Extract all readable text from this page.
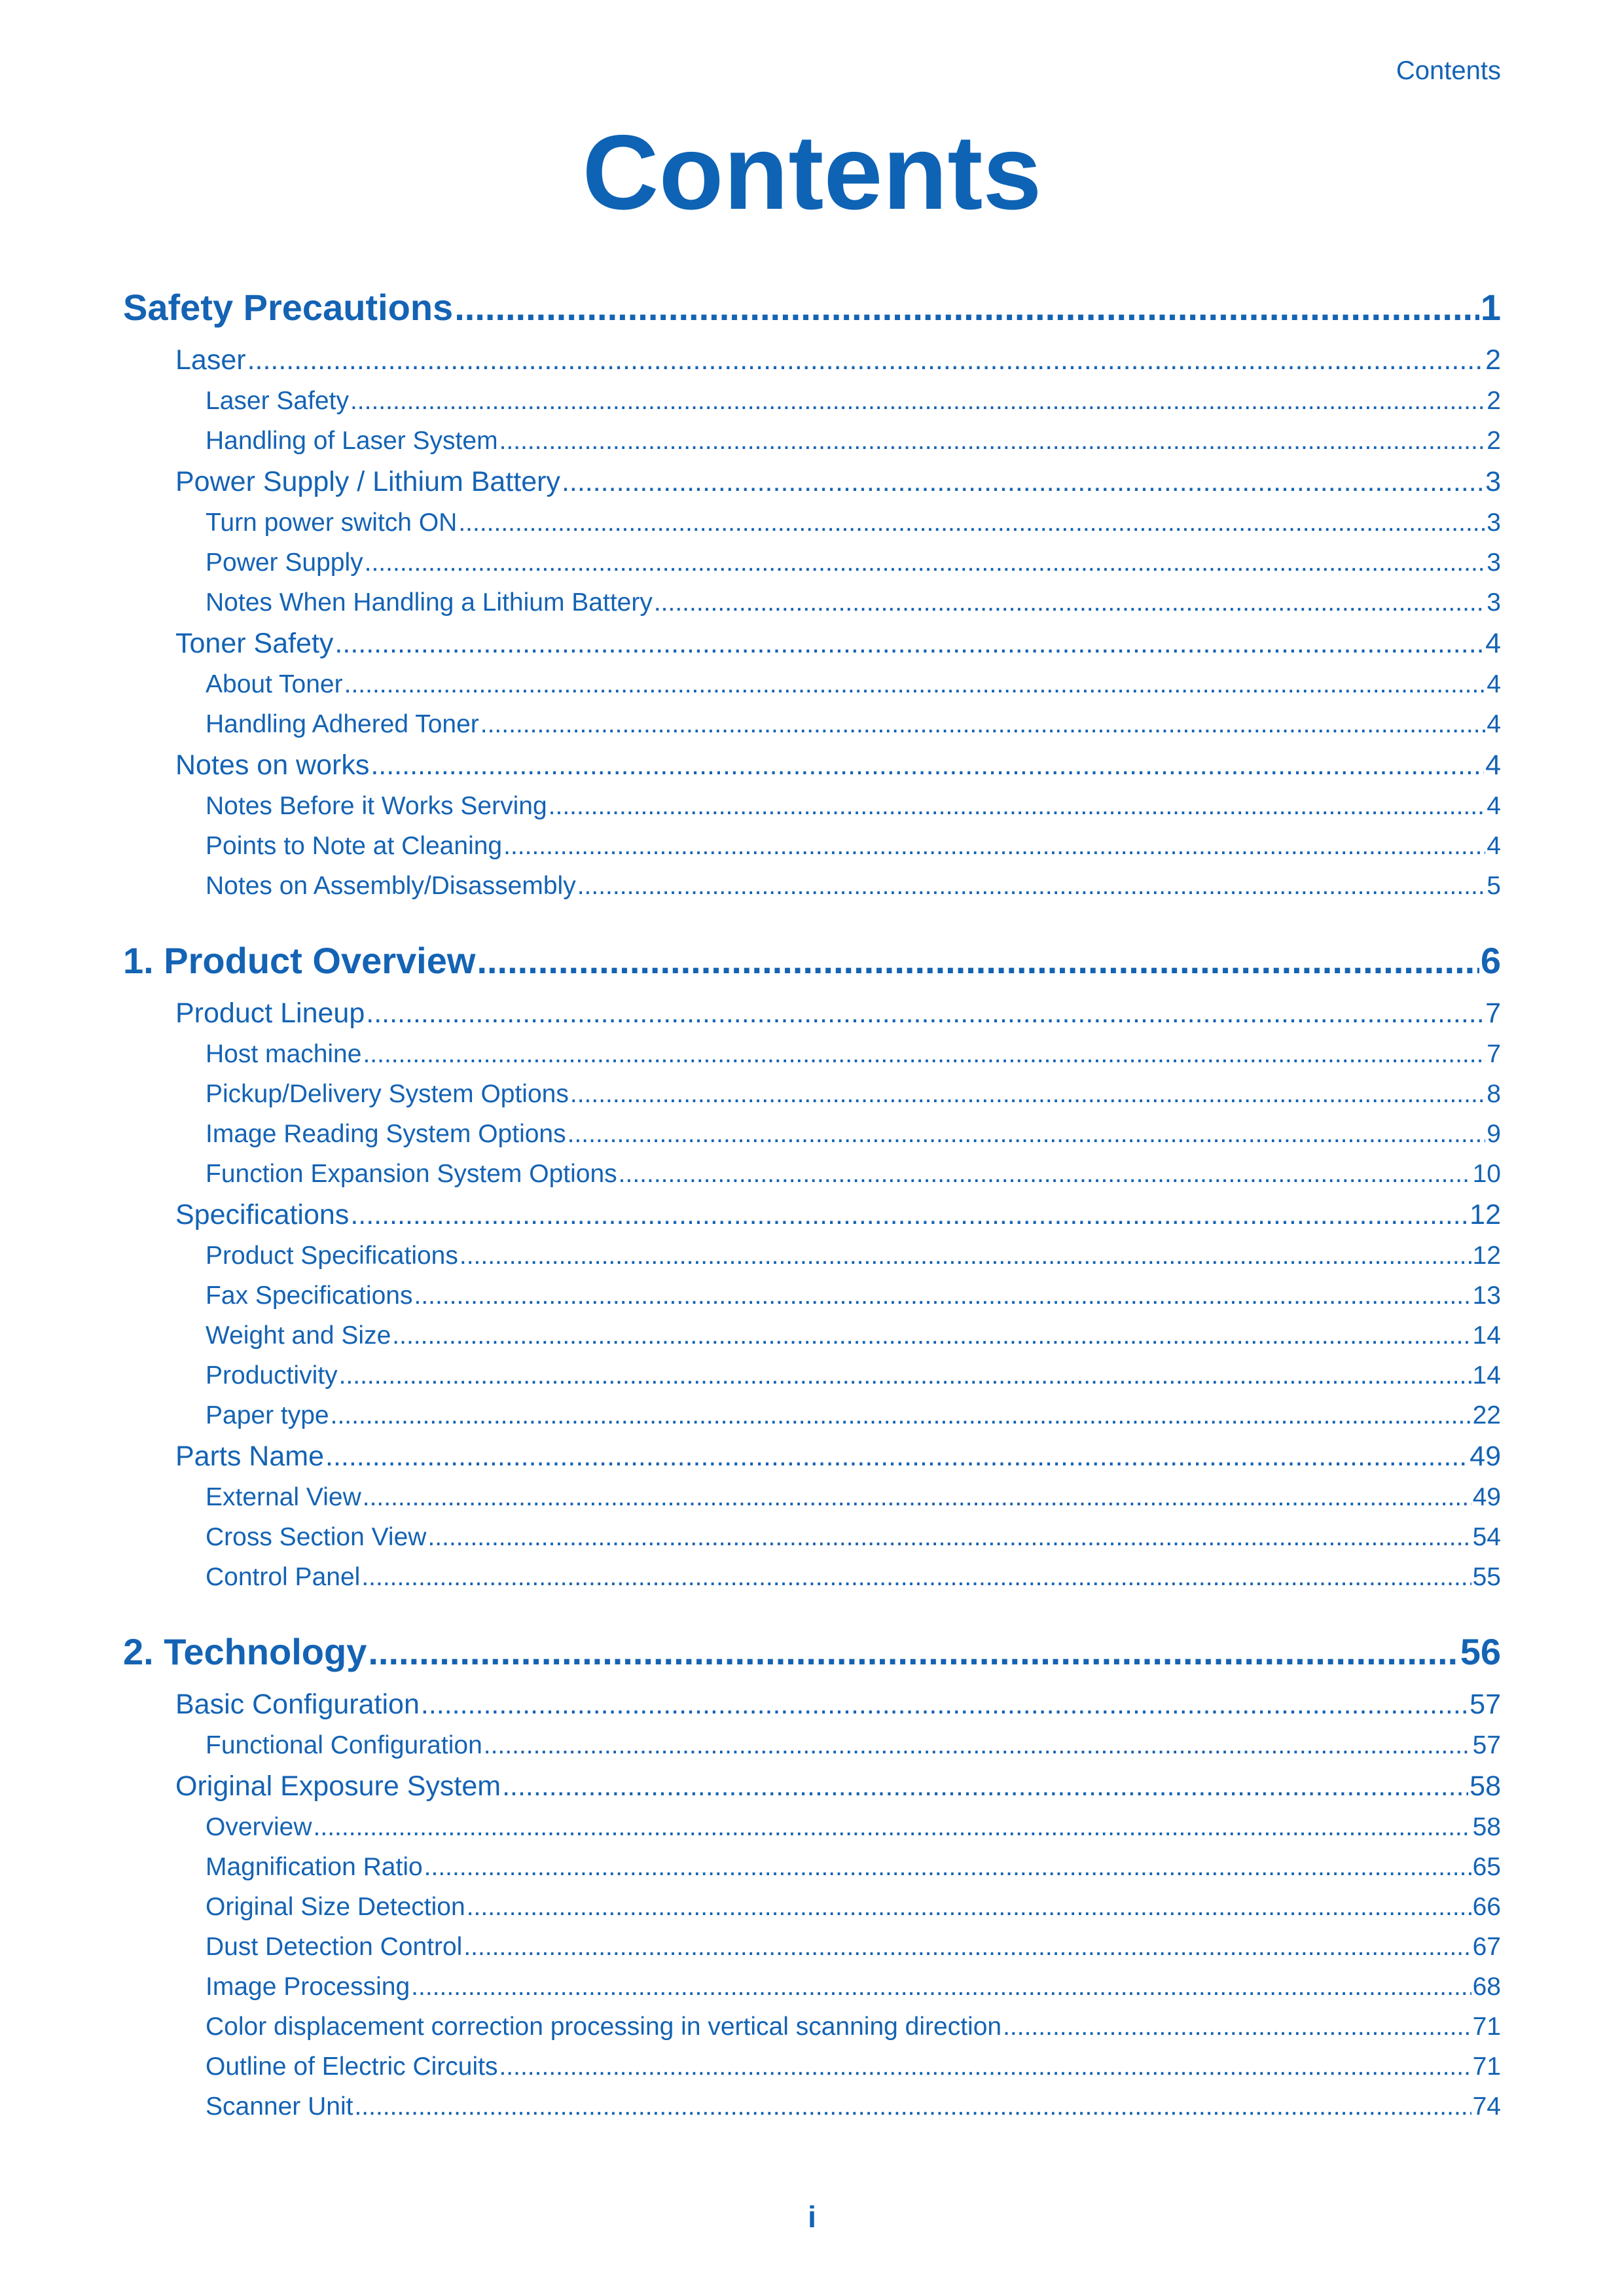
Contents
Contents
Safety Precautions .....	1
Laser .....	2
Laser Safety .....	2
Handling of Laser System .....	2
Power Supply / Lithium Battery .....	3
Turn power switch ON .....	3
Power Supply .....	3
Notes When Handling a Lithium Battery .....	3
Toner Safety .....	4
About Toner .....	4
Handling Adhered Toner .....	4
Notes on works .....	4
Notes Before it Works Serving .....	4
Points to Note at Cleaning .....	4
Notes on Assembly/Disassembly .....	5
1. Product Overview .....	6
Product Lineup .....	7
Host machine .....	7
Pickup/Delivery System Options .....	8
Image Reading System Options .....	9
Function Expansion System Options .....	10
Specifications .....	12
Product Specifications .....	12
Fax Specifications .....	13
Weight and Size .....	14
Productivity .....	14
Paper type .....	22
Parts Name .....	49
External View .....	49
Cross Section View .....	54
Control Panel .....	55
2. Technology .....	56
Basic Configuration .....	57
Functional Configuration .....	57
Original Exposure System .....	58
Overview .....	58
Magnification Ratio .....	65
Original Size Detection .....	66
Dust Detection Control .....	67
Image Processing .....	68
Color displacement correction processing in vertical scanning direction .....	71
Outline of Electric Circuits .....	71
Scanner Unit .....	74
i
